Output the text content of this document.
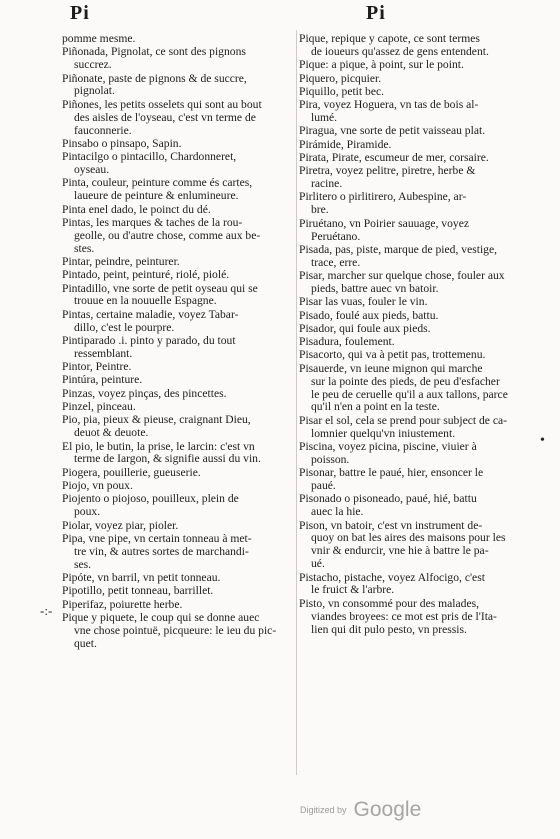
Pi	Pi
pomme mesme.
Piñonada, Pignolat, ce sont des pignons
succrez.
Piñonate, paste de pignons & de succre,
pignolat.
Piñones, les petits osselets qui sont au bout
des aisles de l'oyseau, c'est vn terme de
fauconnerie.
Pinsabo o pinsapo, Sapin.
Pintacilgo o pintacillo, Chardonneret,
oyseau.
Pinta, couleur, peinture comme és cartes,
laueure de peinture & enlumineure.
Pinta enel dado, le poinct du dé.
Pintas, les marques & taches de la rou-
geolle, ou d'autre chose, comme aux be-
stes.
Pintar, peindre, peinturer.
Pintado, peint, peinturé, riolé, piolé.
Pintadillo, vne sorte de petit oyseau qui se
trouue en la nouuelle Espagne.
Pintas, certaine maladie, voyez Tabar-
dillo, c'est le pourpre.
Pintiparado .i. pinto y parado, du tout
ressemblant.
Pintor, Peintre.
Pintúra, peinture.
Pinzas, voyez pinças, des pincettes.
Pinzel, pinceau.
Pio, pia, pieux & pieuse, craignant Dieu,
deuot & deuote.
El pio, le butin, la prise, le larcin: c'est vn
terme de Iargon, & signifie aussi du vin.
Piogera, pouillerie, gueuserie.
Piojo, vn poux.
Piojento o piojoso, pouilleux, plein de
poux.
Piolar, voyez piar, pioler.
Pipa, vne pipe, vn certain tonneau à met-
tre vin, & autres sortes de marchandi-
ses.
Pipóte, vn barril, vn petit tonneau.
Pipotillo, petit tonneau, barrillet.
Piperifaz, poiurette herbe.
Pique y piquete, le coup qui se donne auec
vne chose pointuë, picqueure: le ieu du pic-
quet.
Pique, repique y capote, ce sont termes
de ioueurs qu'assez de gens entendent.
Pique: a pique, à point, sur le point.
Piquero, picquier.
Piquillo, petit bec.
Pira, voyez Hoguera, vn tas de bois al-
lumé.
Piragua, vne sorte de petit vaisseau plat.
Pirámide, Piramide.
Pirata, Pirate, escumeur de mer, corsaire.
Piretra, voyez pelitre, piretre, herbe &
racine.
Pirlitero o pirlitirero, Aubespine, ar-
bre.
Piruétano, vn Poirier sauuage, voyez
Peruétano.
Pisada, pas, piste, marque de pied, vestige,
trace, erre.
Pisar, marcher sur quelque chose, fouler aux
pieds, battre auec vn batoir.
Pisar las vuas, fouler le vin.
Pisado, foulé aux pieds, battu.
Pisador, qui foule aux pieds.
Pisadura, foulement.
Pisacorto, qui va à petit pas, trottemenu.
Pisauerde, vn ieune mignon qui marche
sur la pointe des pieds, de peu d'esfacher
le peu de ceruelle qu'il a aux tallons, parce
qu'il n'en a point en la teste.
Pisar el sol, cela se prend pour subject de ca-
lomnier quelqu'vn iniustement.
Piscina, voyez picina, piscine, viuier à
poisson.
Pisonar, battre le paué, hier, ensoncer le
paué.
Pisonado o pisoneado, paué, hié, battu
auec la hie.
Pison, vn batoir, c'est vn instrument de-
quoy on bat les aires des maisons pour les
vnir & endurcir, vne hie à battre le pa-
ué.
Pistacho, pistache, voyez Alfocigo, c'est
le fruict & l'arbre.
Pisto, vn consommé pour des malades,
viandes broyees: ce mot est pris de l'Ita-
lien qui dit pulo pesto, vn pressis.
-:-
•
Digitized by Google
